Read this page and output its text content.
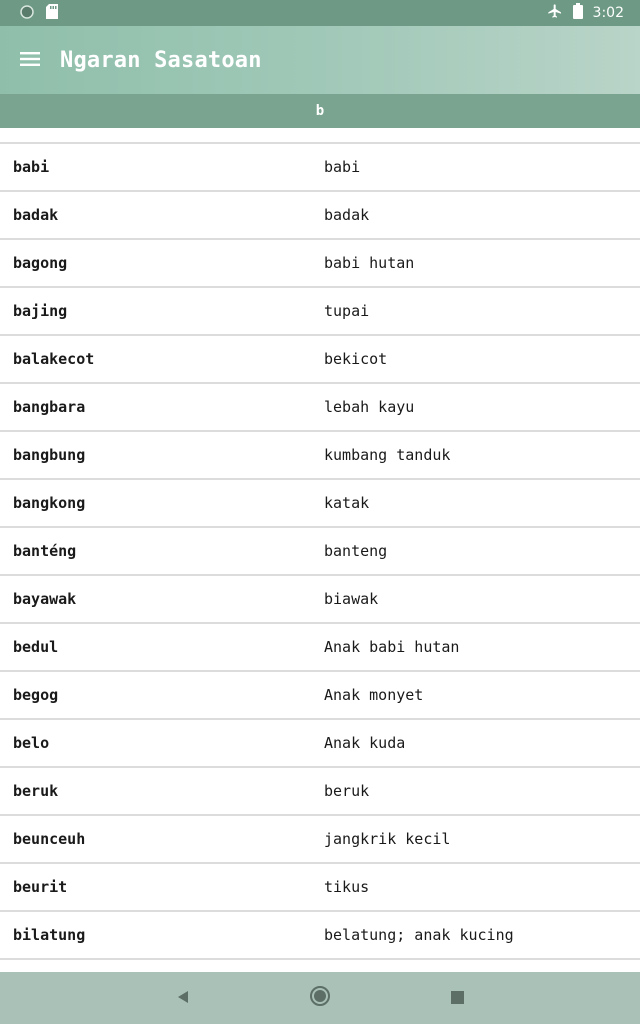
3:02
Ngaran Sasatoan
b
babi	babi
badak	badak
bagong	babi hutan
bajing	tupai
balakecot	bekicot
bangbara	lebah kayu
bangbung	kumbang tanduk
bangkong	katak
banténg	banteng
bayawak	biawak
bedul	Anak babi hutan
begog	Anak monyet
belo	Anak kuda
beruk	beruk
beunceuh	jangkrik kecil
beurit	tikus
bilatung	belatung; anak kucing
